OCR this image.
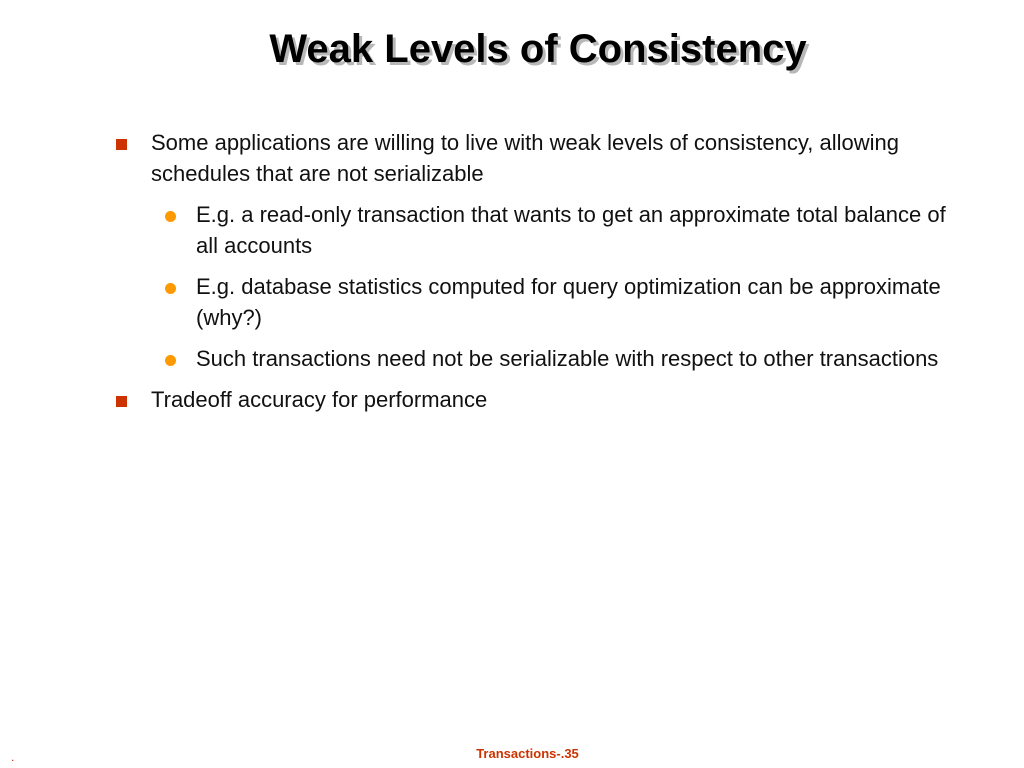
Weak Levels of Consistency
Some applications are willing to live with weak levels of consistency, allowing schedules that are not serializable
E.g. a read-only transaction that wants to get an approximate total balance of all accounts
E.g. database statistics computed for query optimization can be approximate (why?)
Such transactions need not be serializable with respect to other transactions
Tradeoff accuracy for performance
.	Transactions-.35
